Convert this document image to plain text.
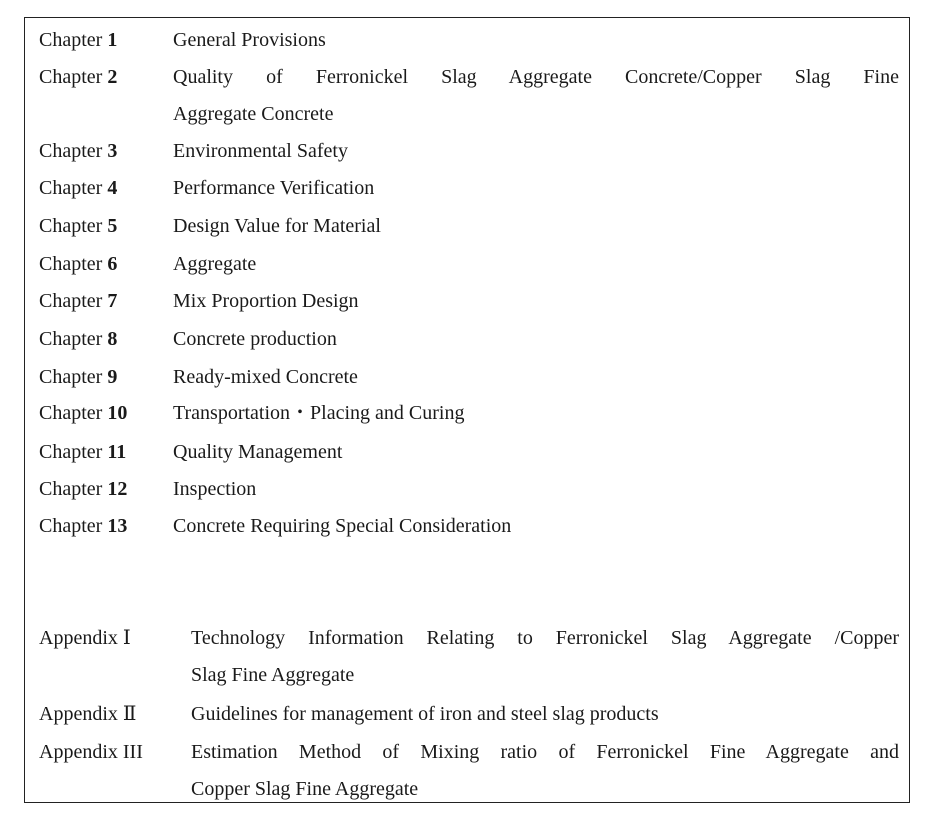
Chapter 1	General Provisions
Chapter 2	Quality of Ferronickel Slag Aggregate Concrete/Copper Slag Fine
Aggregate Concrete
Chapter 3	Environmental Safety
Chapter 4	Performance Verification
Chapter 5	Design Value for Material
Chapter 6	Aggregate
Chapter 7	Mix Proportion Design
Chapter 8	Concrete production
Chapter 9	Ready-mixed Concrete
Chapter 10 Transportation・Placing and Curing
Chapter 11 Quality Management
Chapter 12 Inspection
Chapter 13 Concrete Requiring Special Consideration
Appendix Ⅰ	Technology Information Relating to Ferronickel Slag Aggregate /Copper
Slag Fine Aggregate
Appendix Ⅱ	Guidelines for management of iron and steel slag products
Appendix III Estimation Method of Mixing ratio of Ferronickel Fine Aggregate and
Copper Slag Fine Aggregate
